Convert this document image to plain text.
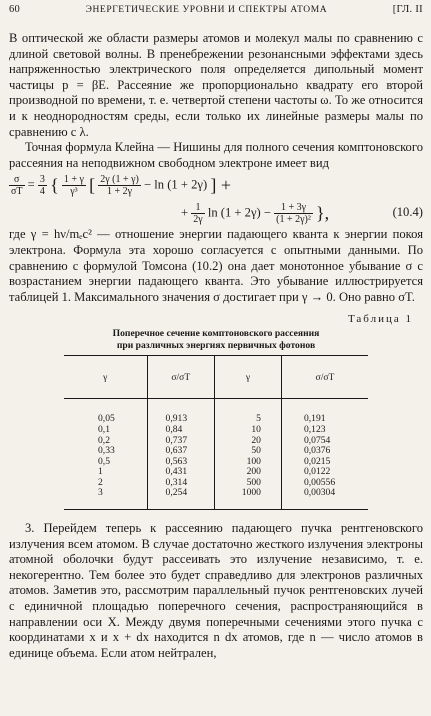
60	ЭНЕРГЕТИЧЕСКИЕ УРОВНИ И СПЕКТРЫ АТОМА	[ГЛ. II

В оптической же области размеры атомов и молекул малы по сравнению с длиной световой волны. В пренебрежении резонансными эффектами здесь напряженностью электрического поля определяется дипольный момент частицы p = βE. Рассеяние же пропорционально квадрату его второй производной по времени, т. е. четвертой степени частоты ω. То же относится и к неоднородностям среды, если только их линейные размеры малы по сравнению с λ.

Точная формула Клейна — Нишины для полного сечения комптоновского рассеяния на неподвижном свободном электроне имеет вид

$\frac{\sigma}{\sigma T} = \frac{3}{4}$ { $\frac{1 + \gamma}{\text{γ³}}$ [ $\frac{2\gamma (1 + \gamma)}{1 + 2\gamma} - \ln (1 + 2\gamma)$ ] +
+ $\frac{1}{2\gamma}$ $\ln (1 + 2\gamma) - \frac{1 + 3\gamma}{\text{(1 + 2γ)²}}$ },	(10.4)

где γ = hν/mₑc² — отношение энергии падающего кванта к энергии покоя электрона. Формула эта хорошо согласуется с опытными данными. По сравнению с формулой Томсона (10.2) она дает монотонное убывание σ с возрастанием энергии падающего кванта. Это убывание иллюстрируется таблицей 1. Максимального значения σ достигает при γ → 0. Оно равно σT.

Таблица 1
Поперечное сечение комптоновского рассеяния
при различных энергиях первичных фотонов
γ	σ/σT	γ	σ/σT
0,05	0,913	5	0,191
0,1	0,84	10	0,123
0,2	0,737	20	0,0754
0,33	0,637	50	0,0376
0,5	0,563	100	0,0215
1	0,431	200	0,0122
2	0,314	500	0,00556
3	0,254	1000	0,00304

3. Перейдем теперь к рассеянию падающего пучка рентгеновского излучения всем атомом. В случае достаточно жесткого излучения электроны атомной оболочки будут рассеивать это излучение независимо, т. е. некогерентно. Тем более это будет справедливо для электронов различных атомов. Заметив это, рассмотрим параллельный пучок рентгеновских лучей с единичной площадью поперечного сечения, распространяющийся в направлении оси X. Между двумя поперечными сечениями этого пучка с координатами x и x + dx находится n dx атомов, где n — число атомов в единице объема. Если атом нейтрален,
